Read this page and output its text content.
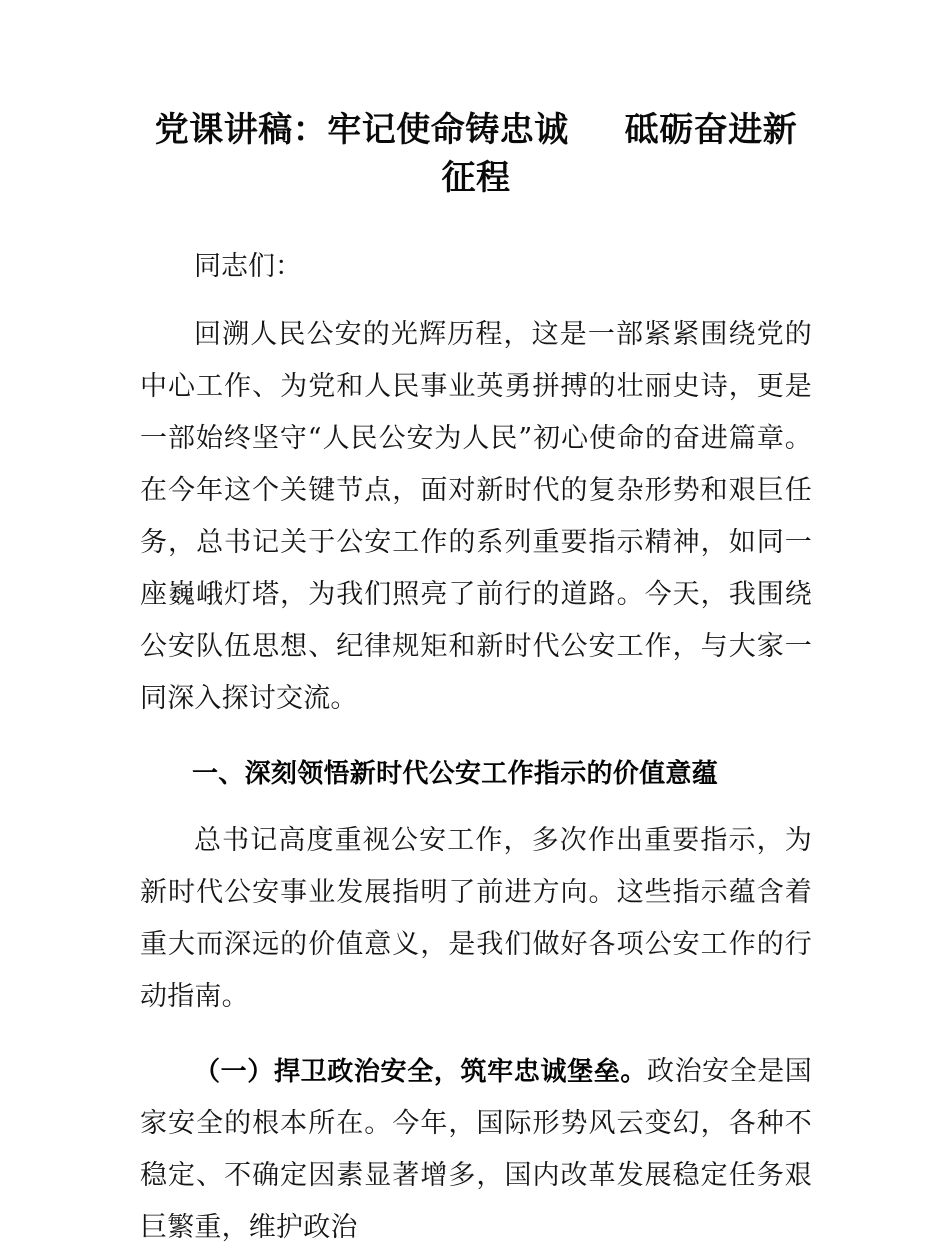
党课讲稿：牢记使命铸忠诚 砥砺奋进新征程

同志们：

回溯人民公安的光辉历程，这是一部紧紧围绕党的中心工作、为党和人民事业英勇拼搏的壮丽史诗，更是一部始终坚守“人民公安为人民”初心使命的奋进篇章。在今年这个关键节点，面对新时代的复杂形势和艰巨任务，总书记关于公安工作的系列重要指示精神，如同一座巍峨灯塔，为我们照亮了前行的道路。今天，我围绕公安队伍思想、纪律规矩和新时代公安工作，与大家一同深入探讨交流。

一、深刻领悟新时代公安工作指示的价值意蕴

总书记高度重视公安工作，多次作出重要指示，为新时代公安事业发展指明了前进方向。这些指示蕴含着重大而深远的价值意义，是我们做好各项公安工作的行动指南。

（一）捍卫政治安全，筑牢忠诚堡垒。政治安全是国家安全的根本所在。今年，国际形势风云变幻，各种不稳定、不确定因素显著增多，国内改革发展稳定任务艰巨繁重，维护政治
